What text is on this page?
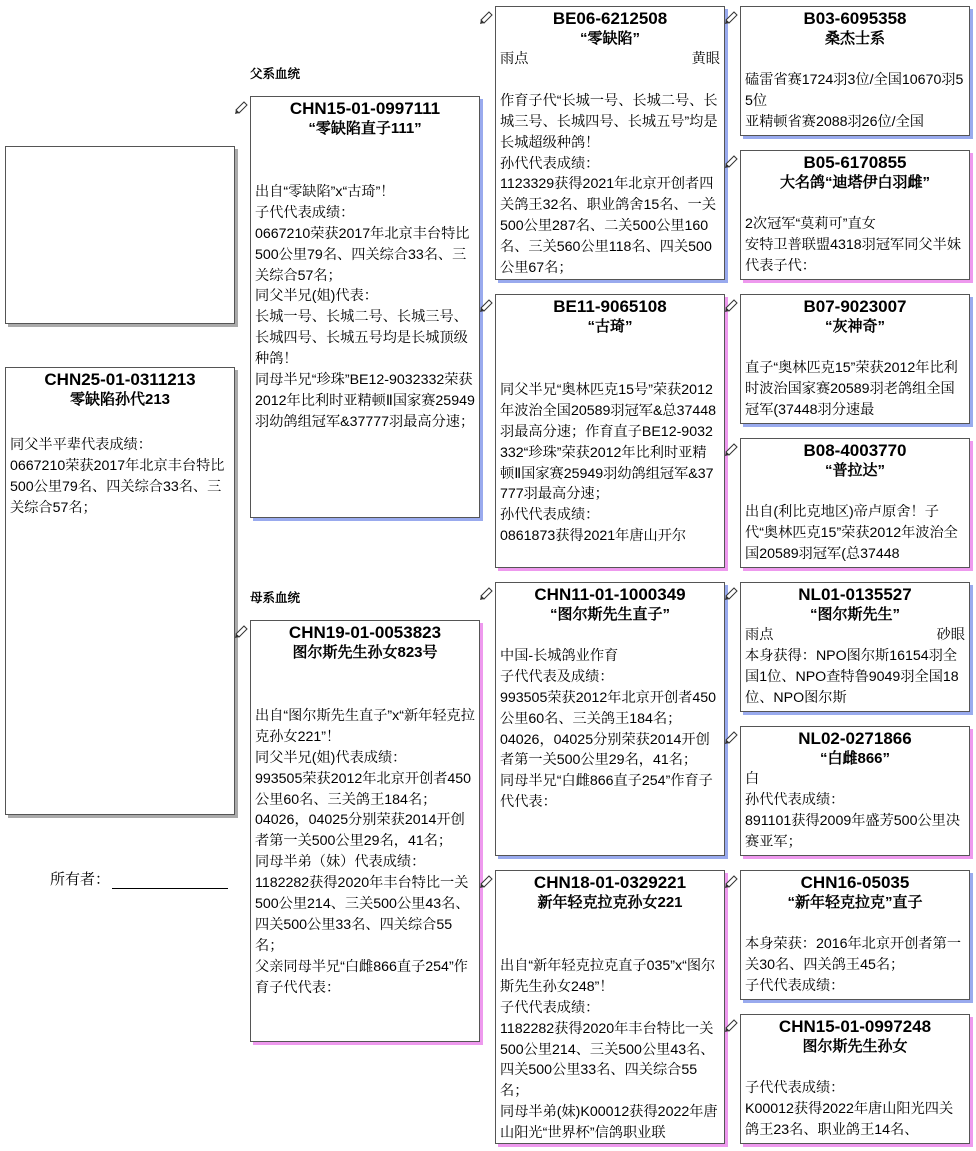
CHN25-01-0311213
零缺陷孙代213

同父半平辈代表成绩：
0667210荣获2017年北京丰台特比500公里79名、四关综合33名、三关综合57名；
所有者：
父系血统
母系血统
CHN15-01-0997111
“零缺陷直子111”

出自“零缺陷”x“古琦”！
子代代表成绩：
0667210荣获2017年北京丰台特比500公里79名、四关综合33名、三关综合57名；
同父半兄(姐)代表：
长城一号、长城二号、长城三号、长城四号、长城五号均是长城顶级种鸽！
同母半兄“珍珠”BE12-9032332荣获2012年比利时亚精顿Ⅱ国家赛25949羽幼鸽组冠军&37777羽最高分速；
CHN19-01-0053823
图尔斯先生孙女823号

出自“图尔斯先生直子”x“新年轻克拉克孙女221”！
同父半兄(姐)代表成绩：
993505荣获2012年北京开创者450公里60名、三关鸽王184名；
04026，04025分别荣获2014开创者第一关500公里29名，41名；
同母半弟（妹）代表成绩：
1182282获得2020年丰台特比一关500公里214、三关500公里43名、四关500公里33名、四关综合55名；
父亲同母半兄“白雌866直子254”作育子代代表：
BE06-6212508
“零缺陷”
雨点	黄眼

作育子代“长城一号、长城二号、长城三号、长城四号、长城五号”均是长城超级种鸽！
孙代代表成绩：
1123329获得2021年北京开创者四关鸽王32名、职业鸽舍15名、一关500公里287名、二关500公里160名、三关560公里118名、四关500公里67名；
BE11-9065108
“古琦”

同父半兄“奥林匹克15号”荣获2012年波治全国20589羽冠军&总37448羽最高分速；作育直子BE12-9032332“珍珠”荣获2012年比利时亚精顿Ⅱ国家赛25949羽幼鸽组冠军&37777羽最高分速；
孙代代表成绩：
0861873获得2021年唐山开尔
CHN11-01-1000349
“图尔斯先生直子”

中国-长城鸽业作育
子代代表及成绩：
993505荣获2012年北京开创者450公里60名、三关鸽王184名；
04026，04025分别荣获2014开创者第一关500公里29名，41名；
同母半兄“白雌866直子254”作育子代代表：
CHN18-01-0329221
新年轻克拉克孙女221

出自“新年轻克拉克直子035”x“图尔斯先生孙女248”！
子代代表成绩：
1182282获得2020年丰台特比一关500公里214、三关500公里43名、四关500公里33名、四关综合55名；
同母半弟(妹)K00012获得2022年唐山阳光“世界杯”信鸽职业联
B03-6095358
桑杰士系

磕雷省赛1724羽3位/全国10670羽55位
亚精顿省赛2088羽26位/全国
B05-6170855
大名鸽“迪塔伊白羽雌”

2次冠军“莫莉可”直女
安特卫普联盟4318羽冠军同父半妹代表子代：
B07-9023007
“灰神奇”

直子“奥林匹克15”荣获2012年比利时波治国家赛20589羽老鸽组全国冠军(37448羽分速最
B08-4003770
“普拉达”

出自(利比克地区)帝卢原舍！子代“奥林匹克15”荣获2012年波治全国20589羽冠军(总37448
NL01-0135527
“图尔斯先生”
雨点	砂眼
本身获得：NPO图尔斯16154羽全国1位、NPO查特鲁9049羽全国18位、NPO图尔斯
NL02-0271866
“白雌866”
白
孙代代表成绩：
891101获得2009年盛芳500公里决赛亚军；
CHN16-05035
“新年轻克拉克”直子

本身荣获：2016年北京开创者第一关30名、四关鸽王45名；
子代代表成绩：
CHN15-01-0997248
图尔斯先生孙女

子代代表成绩：
K00012获得2022年唐山阳光四关鸽王23名、职业鸽王14名、
